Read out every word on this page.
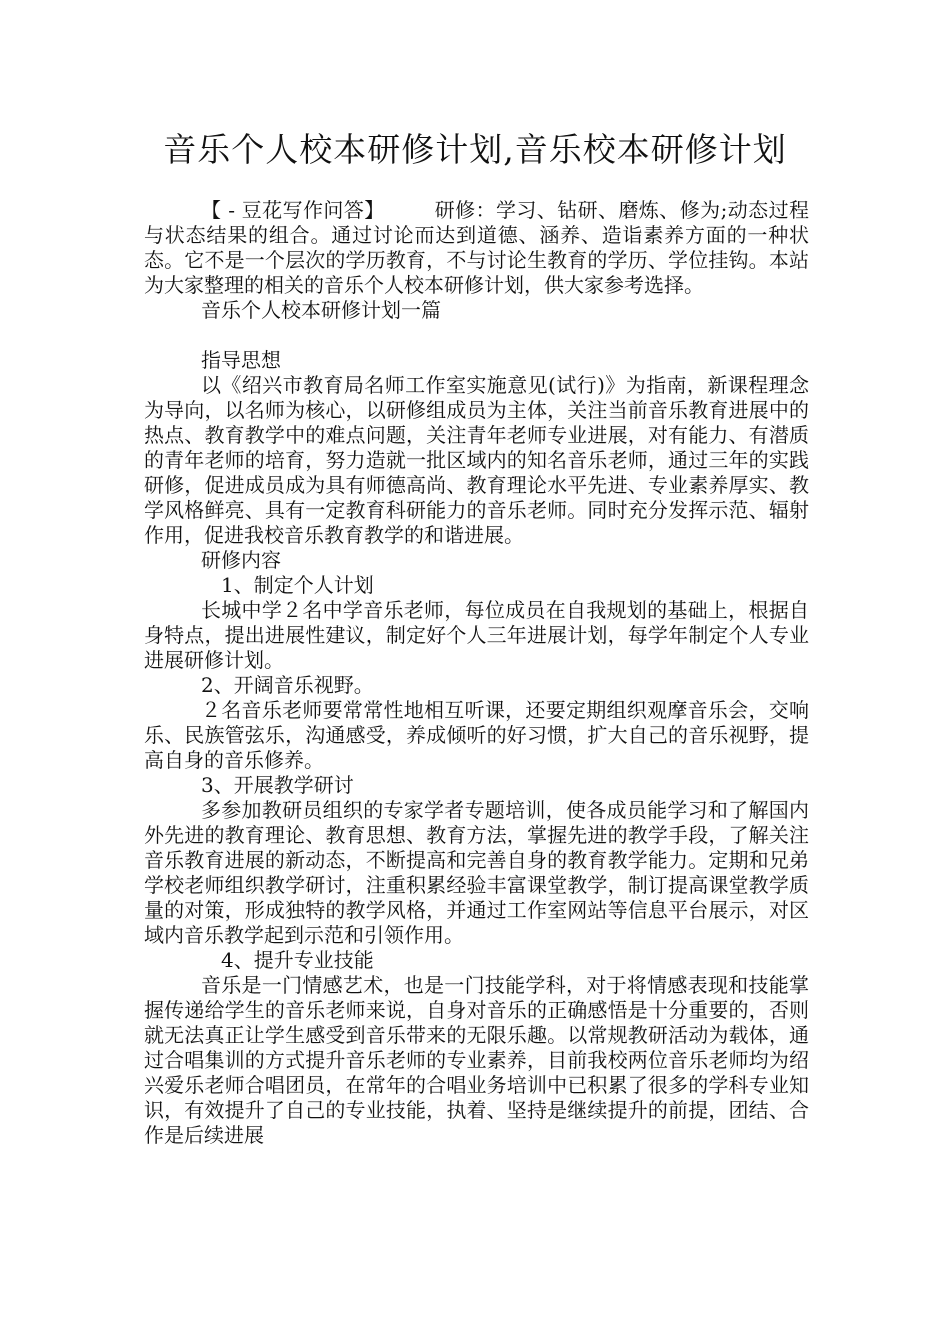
音乐个人校本研修计划,音乐校本研修计划

【 - 豆花写作问答】	研修：学习、钻研、磨炼、修为;动态过程与状态结果的组合。通过讨论而达到道德、涵养、造诣素养方面的一种状态。它不是一个层次的学历教育，不与讨论生教育的学历、学位挂钩。本站为大家整理的相关的音乐个人校本研修计划，供大家参考选择。

音乐个人校本研修计划一篇

指导思想

以《绍兴市教育局名师工作室实施意见(试行)》为指南，新课程理念为导向，以名师为核心，以研修组成员为主体，关注当前音乐教育进展中的热点、教育教学中的难点问题，关注青年老师专业进展，对有能力、有潜质的青年老师的培育，努力造就一批区域内的知名音乐老师，通过三年的实践研修，促进成员成为具有师德高尚、教育理论水平先进、专业素养厚实、教学风格鲜亮、具有一定教育科研能力的音乐老师。同时充分发挥示范、辐射作用，促进我校音乐教育教学的和谐进展。

研修内容

1、制定个人计划

长城中学２名中学音乐老师，每位成员在自我规划的基础上，根据自身特点，提出进展性建议，制定好个人三年进展计划，每学年制定个人专业进展研修计划。

2、开阔音乐视野。

２名音乐老师要常常性地相互听课，还要定期组织观摩音乐会，交响乐、民族管弦乐，沟通感受，养成倾听的好习惯，扩大自己的音乐视野，提高自身的音乐修养。

3、开展教学研讨

多参加教研员组织的专家学者专题培训，使各成员能学习和了解国内外先进的教育理论、教育思想、教育方法，掌握先进的教学手段，了解关注音乐教育进展的新动态，不断提高和完善自身的教育教学能力。定期和兄弟学校老师组织教学研讨，注重积累经验丰富课堂教学，制订提高课堂教学质量的对策，形成独特的教学风格，并通过工作室网站等信息平台展示，对区域内音乐教学起到示范和引领作用。

4、提升专业技能

音乐是一门情感艺术，也是一门技能学科，对于将情感表现和技能掌握传递给学生的音乐老师来说，自身对音乐的正确感悟是十分重要的，否则就无法真正让学生感受到音乐带来的无限乐趣。以常规教研活动为载体，通过合唱集训的方式提升音乐老师的专业素养，目前我校两位音乐老师均为绍兴爱乐老师合唱团员，在常年的合唱业务培训中已积累了很多的学科专业知识，有效提升了自己的专业技能，执着、坚持是继续提升的前提，团结、合作是后续进展
